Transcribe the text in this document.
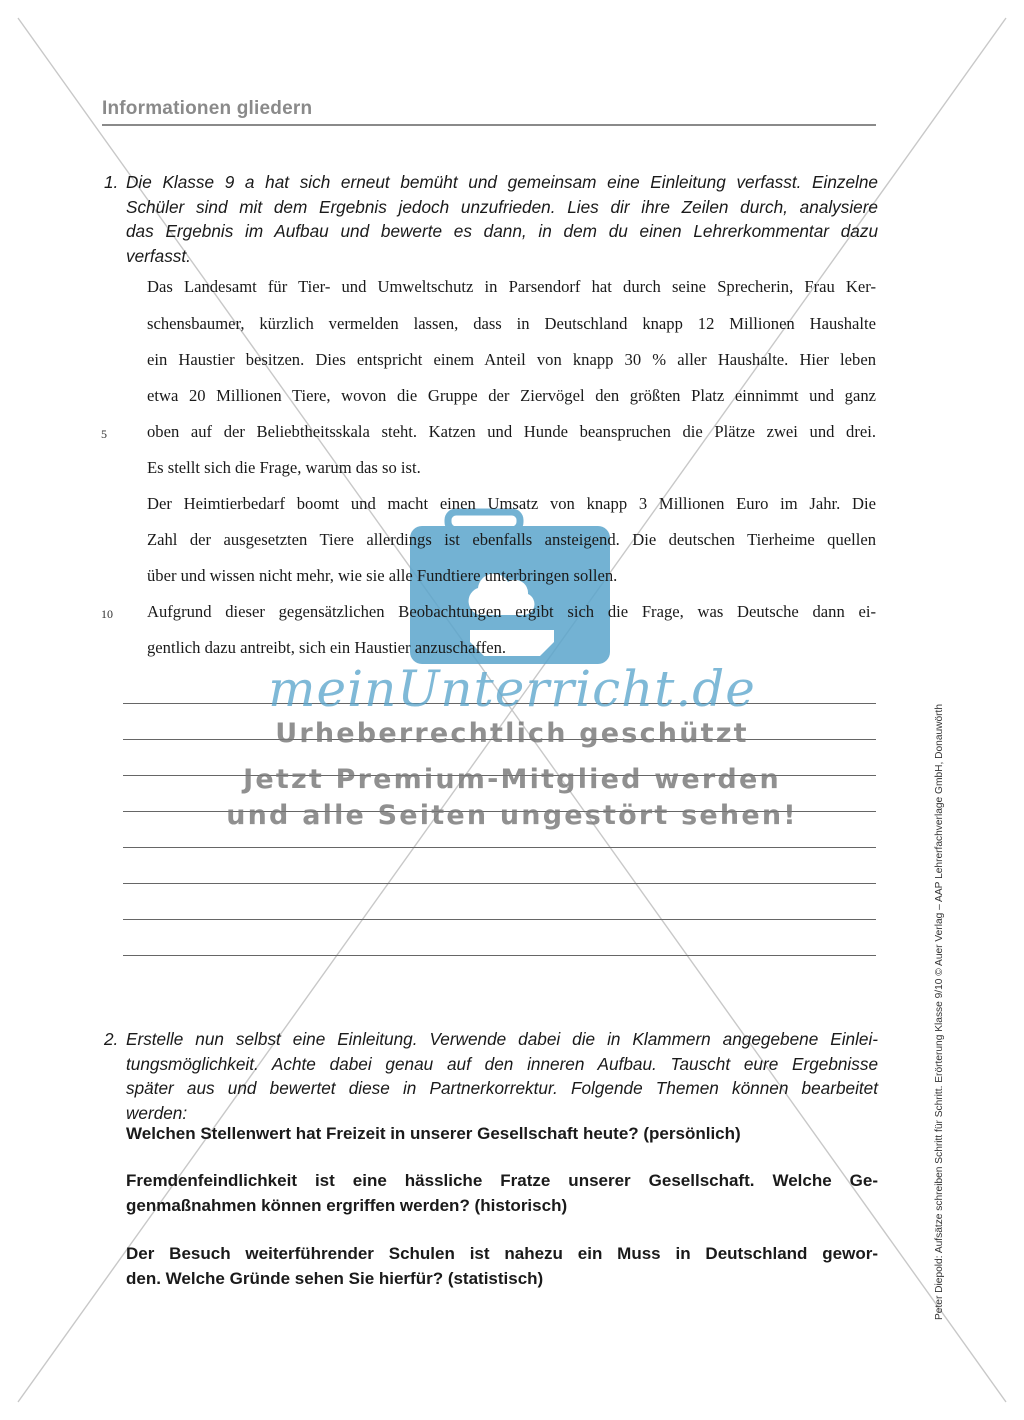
Informationen gliedern
1. Die Klasse 9 a hat sich erneut bemüht und gemeinsam eine Einleitung verfasst. Einzelne
Schüler sind mit dem Ergebnis jedoch unzufrieden. Lies dir ihre Zeilen durch, analysiere
das Ergebnis im Aufbau und bewerte es dann, in dem du einen Lehrerkommentar dazu
verfasst.
Das Landesamt für Tier- und Umweltschutz in Parsendorf hat durch seine Sprecherin, Frau Ker-
schensbaumer, kürzlich vermelden lassen, dass in Deutschland knapp 12 Millionen Haushalte
ein Haustier besitzen. Dies entspricht einem Anteil von knapp 30 % aller Haushalte. Hier leben
etwa 20 Millionen Tiere, wovon die Gruppe der Ziervögel den größten Platz einnimmt und ganz
5 oben auf der Beliebtheitsskala steht. Katzen und Hunde beanspruchen die Plätze zwei und drei.
Es stellt sich die Frage, warum das so ist.
Der Heimtierbedarf boomt und macht einen Umsatz von knapp 3 Millionen Euro im Jahr. Die
Zahl der ausgesetzten Tiere allerdings ist ebenfalls ansteigend. Die deutschen Tierheime quellen
über und wissen nicht mehr, wie sie alle Fundtiere unterbringen sollen.
10 Aufgrund dieser gegensätzlichen Beobachtungen ergibt sich die Frage, was Deutsche dann ei-
gentlich dazu antreibt, sich ein Haustier anzuschaffen.
2. Erstelle nun selbst eine Einleitung. Verwende dabei die in Klammern angegebene Einlei-
tungsmöglichkeit. Achte dabei genau auf den inneren Aufbau. Tauscht eure Ergebnisse
später aus und bewertet diese in Partnerkorrektur. Folgende Themen können bearbeitet
werden:
Welchen Stellenwert hat Freizeit in unserer Gesellschaft heute? (persönlich)
Fremdenfeindlichkeit ist eine hässliche Fratze unserer Gesellschaft. Welche Ge-
genmaßnahmen können ergriffen werden? (historisch)
Der Besuch weiterführender Schulen ist nahezu ein Muss in Deutschland gewor-
den. Welche Gründe sehen Sie hierfür? (statistisch)	Peter Diepold: Aufsätze schreiben Schritt für Schritt. Erörterung Klasse 9/10 © Auer Verlag – AAP Lehrerfachverlage GmbH, Donauwörth
meinUnterricht.de
Urheberrechtlich geschützt
Jetzt Premium-Mitglied werden
und alle Seiten ungestört sehen!
